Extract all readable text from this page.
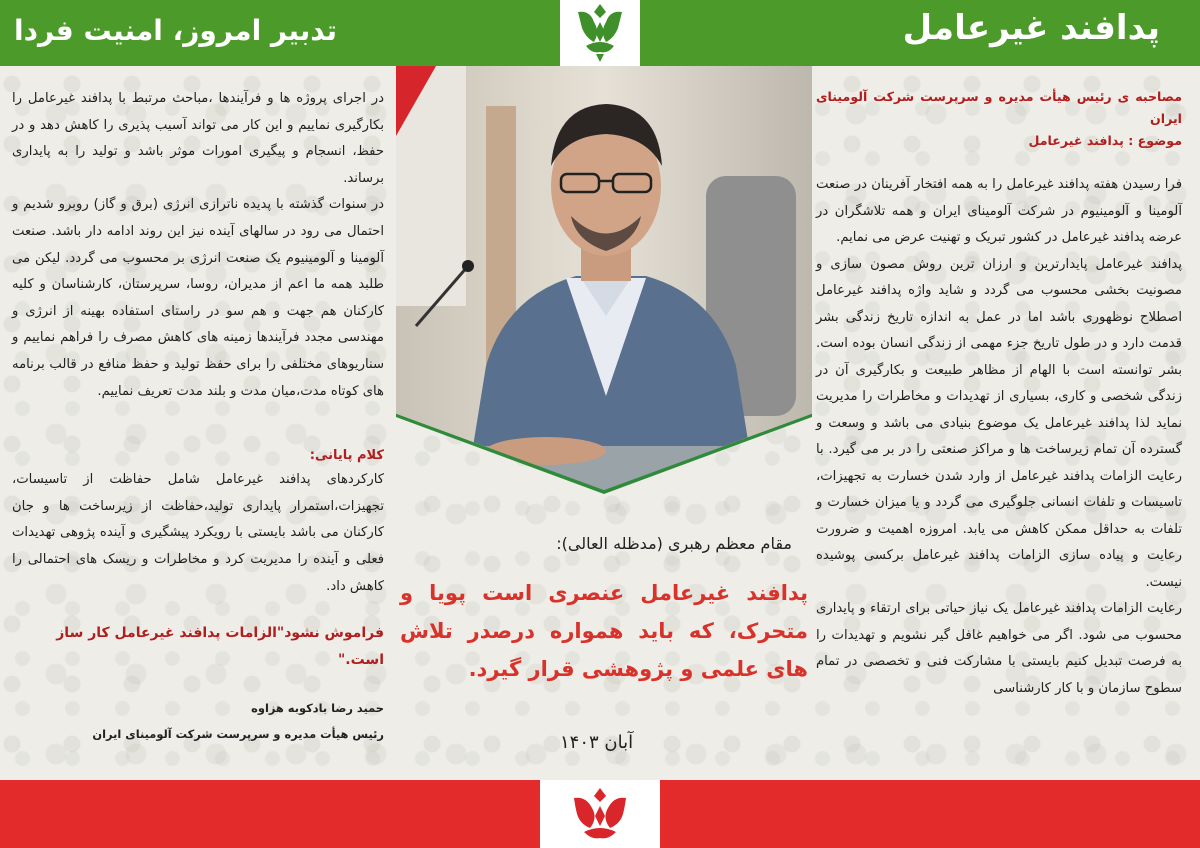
پدافند غیرعامل
تدبیر امروز، امنیت فردا

مصاحبه ی رئیس هیأت مدیره و سرپرست شرکت آلومینای ایران

موضوع : پدافند غیرعامل

فرا رسیدن هفته پدافند غیرعامل را به همه افتخار آفرینان در صنعت آلومینا و آلومینیوم در شرکت آلومینای ایران و همه تلاشگران در عرضه پدافند غیرعامل در کشور تبریک و تهنیت عرض می نمایم.

پدافند غیرعامل پایدارترین و ارزان ترین روش مصون سازی و مصونیت بخشی محسوب می گردد و شاید واژه پدافند غیرعامل اصطلاح نوظهوری باشد اما در عمل به اندازه تاریخ زندگی بشر قدمت دارد و در طول تاریخ جزء مهمی از زندگی انسان بوده است. بشر توانسته است با الهام از مظاهر طبیعت و بکارگیری آن در زندگی شخصی و کاری، بسیاری از تهدیدات و مخاطرات را مدیریت نماید لذا پدافند غیرعامل یک موضوع بنیادی می باشد و وسعت و گسترده آن تمام زیرساخت ها و مراکز صنعتی را در بر می گیرد. با رعایت الزامات پدافند غیرعامل از وارد شدن خسارت به تجهیزات، تاسیسات و تلفات انسانی جلوگیری می گردد و یا میزان خسارت و تلفات به حداقل ممکن کاهش می یابد. امروزه اهمیت و ضرورت رعایت و پیاده سازی الزامات پدافند غیرعامل برکسی پوشیده نیست.

رعایت الزامات پدافند غیرعامل یک نیاز حیاتی برای ارتقاء و پایداری محسوب می شود. اگر می خواهیم غافل گیر نشویم و تهدیدات را به فرصت تبدیل کنیم بایستی با مشارکت فنی و تخصصی در تمام سطوح سازمان و با کار کارشناسی

در اجرای پروژه ها و فرآیندها ،مباحث مرتبط با پدافند غیرعامل را بکارگیری نماییم و این کار می تواند آسیب پذیری را کاهش دهد و در حفظ، انسجام و پیگیری امورات موثر باشد و تولید را به پایداری برساند.

در سنوات گذشته با پدیده ناترازی انرژی (برق و گاز) روبرو شدیم و احتمال می رود در سالهای آینده نیز این روند ادامه دار باشد. صنعت آلومینا و آلومینیوم یک صنعت انرژی بر محسوب می گردد. لیکن می طلبد همه ما اعم از مدیران، روسا، سرپرستان، کارشناسان و کلیه کارکنان هم جهت و هم سو در راستای استفاده بهینه از انرژی و مهندسی مجدد فرآیندها زمینه های کاهش مصرف را فراهم نماییم و سناریوهای مختلفی را برای حفظ تولید و حفظ منافع در قالب برنامه های کوتاه مدت،میان مدت و بلند مدت تعریف نماییم.

کلام پایانی:

کارکردهای پدافند غیرعامل شامل حفاظت از تاسیسات، تجهیزات،استمرار پایداری تولید،حفاظت از زیرساخت ها و جان کارکنان می باشد بایستی با رویکرد پیشگیری و آینده پژوهی تهدیدات فعلی و آینده را مدیریت کرد و مخاطرات و ریسک های احتمالی را کاهش داد.

فراموش نشود"الزامات پدافند غیرعامل کار ساز است."

حمید رضا بادکوبه هزاوه
رئیس هیأت مدیره و سرپرست شرکت آلومینای ایران
مقام معظم رهبری (مدظله العالی):
پدافند غیرعامل عنصری است پویا و متحرک، که باید همواره درصدر تلاش های علمی و پژوهشی قرار گیرد.
آبان ۱۴۰۳
